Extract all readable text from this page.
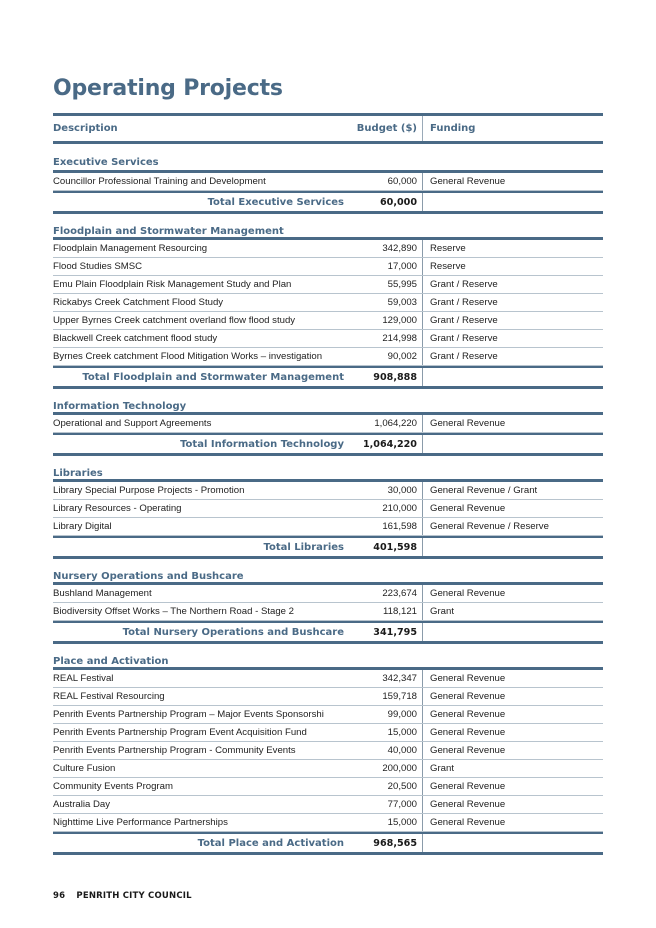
Operating Projects
Description	Budget ($)	Funding
Executive Services
Councillor Professional Training and Development	60,000	General Revenue
Total Executive Services	60,000
Floodplain and Stormwater Management
Floodplain Management Resourcing	342,890	Reserve
Flood Studies SMSC	17,000	Reserve
Emu Plain Floodplain Risk Management Study and Plan	55,995	Grant / Reserve
Rickabys Creek Catchment Flood Study	59,003	Grant / Reserve
Upper Byrnes Creek catchment overland flow flood study	129,000	Grant / Reserve
Blackwell Creek catchment flood study	214,998	Grant / Reserve
Byrnes Creek catchment Flood Mitigation Works – investigation	90,002	Grant / Reserve
Total Floodplain and Stormwater Management	908,888
Information Technology
Operational and Support Agreements	1,064,220	General Revenue
Total Information Technology	1,064,220
Libraries
Library Special Purpose Projects - Promotion	30,000	General Revenue / Grant
Library Resources - Operating	210,000	General Revenue
Library Digital	161,598	General Revenue / Reserve
Total Libraries	401,598
Nursery Operations and Bushcare
Bushland Management	223,674	General Revenue
Biodiversity Offset Works – The Northern Road - Stage 2	118,121	Grant
Total Nursery Operations and Bushcare	341,795
Place and Activation
REAL Festival	342,347	General Revenue
REAL Festival Resourcing	159,718	General Revenue
Penrith Events Partnership Program – Major Events Sponsorshi	99,000	General Revenue
Penrith Events Partnership Program Event Acquisition Fund	15,000	General Revenue
Penrith Events Partnership Program - Community Events	40,000	General Revenue
Culture Fusion	200,000	Grant
Community Events Program	20,500	General Revenue
Australia Day	77,000	General Revenue
Nighttime Live Performance Partnerships	15,000	General Revenue
Total Place and Activation	968,565
96 PENRITH CITY COUNCIL
